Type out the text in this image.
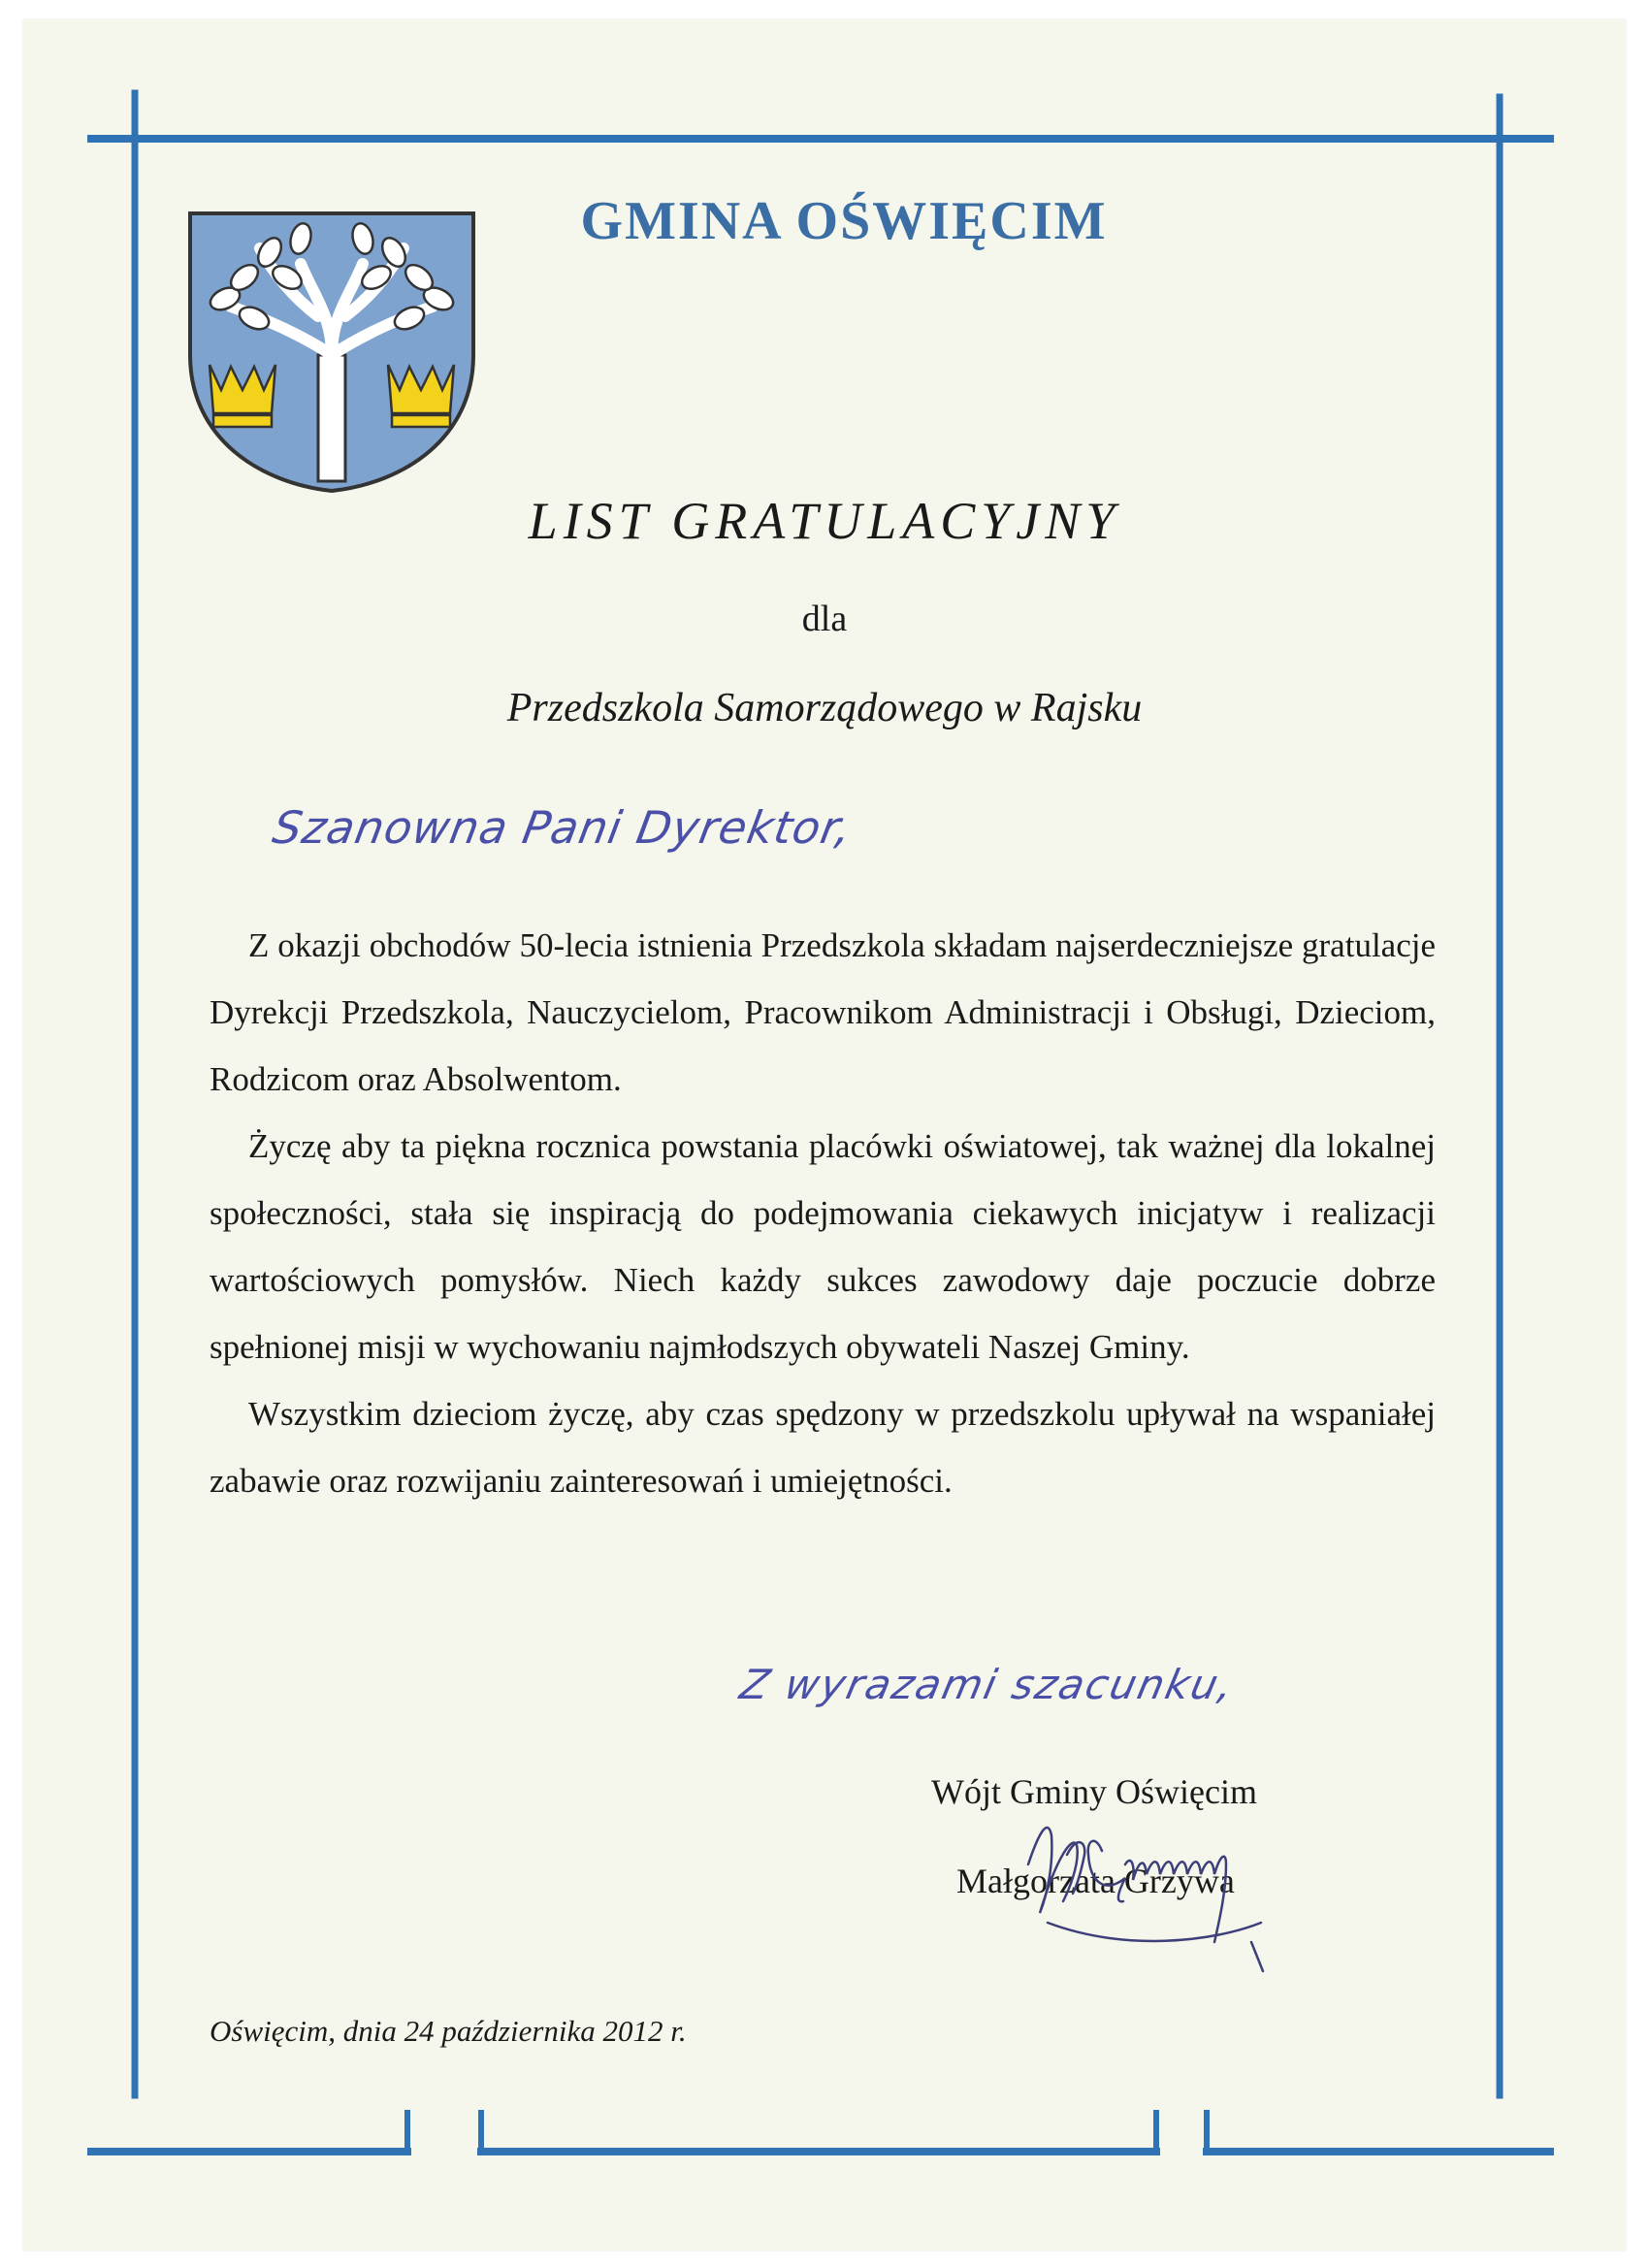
GMINA OŚWIĘCIM
LIST GRATULACYJNY
dla
Przedszkola Samorządowego w Rajsku
Szanowna Pani Dyrektor,

Z okazji obchodów 50-lecia istnienia Przedszkola składam najserdeczniejsze gratulacje Dyrekcji Przedszkola, Nauczycielom, Pracownikom Administracji i Obsługi, Dzieciom, Rodzicom oraz Absolwentom.

Życzę aby ta piękna rocznica powstania placówki oświatowej, tak ważnej dla lokalnej społeczności, stała się inspiracją do podejmowania ciekawych inicjatyw i realizacji wartościowych pomysłów. Niech każdy sukces zawodowy daje poczucie dobrze spełnionej misji w wychowaniu najmłodszych obywateli Naszej Gminy.

Wszystkim dzieciom życzę, aby czas spędzony w przedszkolu upływał na wspaniałej zabawie oraz rozwijaniu zainteresowań i umiejętności.

Z wyrazami szacunku,
Wójt Gminy Oświęcim
Małgorzata Grzywa
Oświęcim, dnia 24 października 2012 r.
